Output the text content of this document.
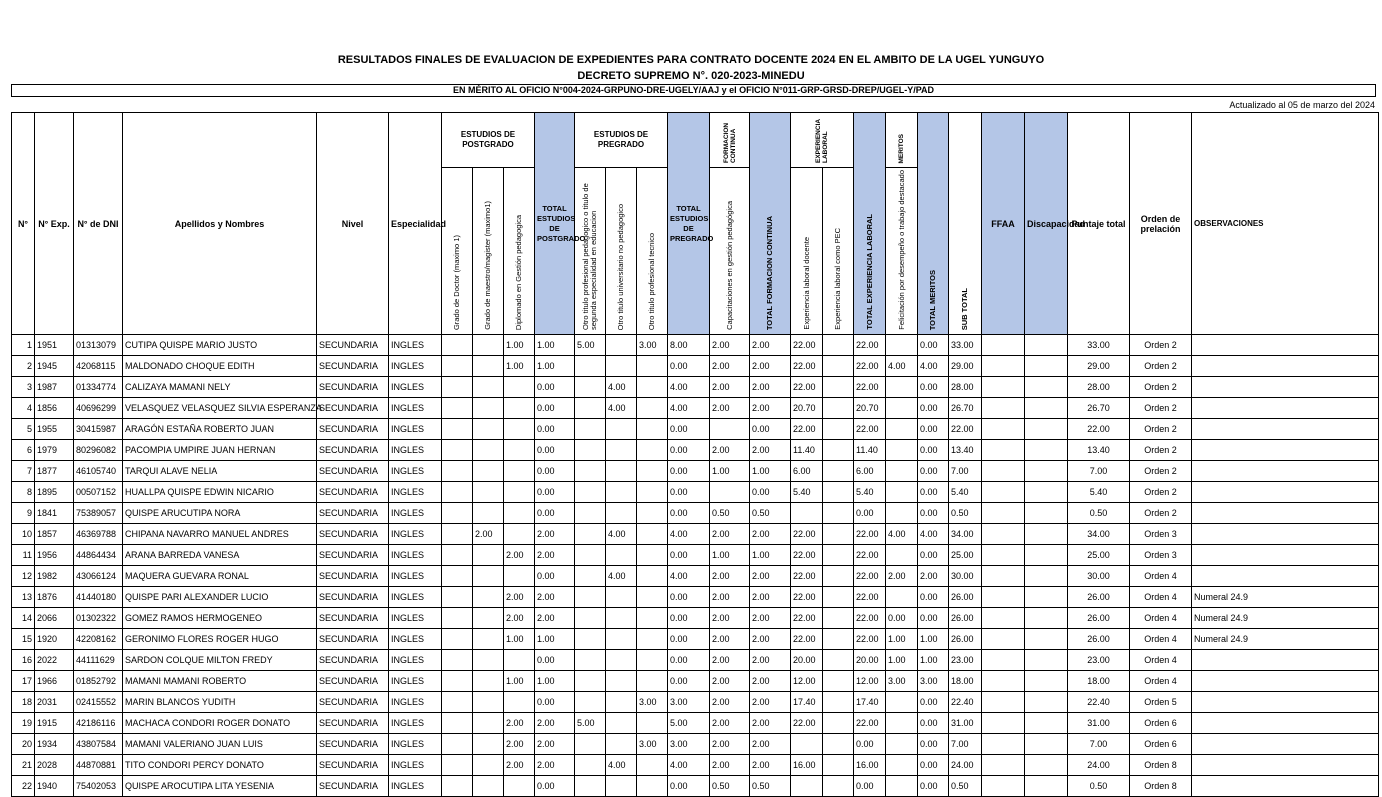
RESULTADOS FINALES DE EVALUACION DE EXPEDIENTES PARA CONTRATO DOCENTE 2024 EN EL AMBITO DE LA UGEL YUNGUYO
DECRETO SUPREMO N°. 020-2023-MINEDU
EN MÉRITO AL OFICIO N°004-2024-GRPUNO-DRE-UGELY/AAJ y el OFICIO N°011-GRP-GRSD-DREP/UGEL-Y/PAD
Actualizado al 05 de marzo del 2024
N°	N° Exp.	N° de DNI	Apellidos y Nombres	Nivel	Especialidad	ESTUDIOS DE POSTGRADO			TOTAL ESTUDIOS DE POSTGRADO	ESTUDIOS DE PREGRADO			TOTAL ESTUDIOS DE PREGRADO	FORMACION CONTINUA	TOTAL FORMACION CONTINUA	EXPERIENCIA LABORAL		TOTAL EXPERIENCIA LABORAL	MERITOS	TOTAL MERITOS	SUB TOTAL	FFAA	Discapacidad	Puntaje total	Orden de prelación	OBSERVACIONES
						Grado de Doctor (maximo 1)	Grado de maestro/magister (maximo1)	Diplomado en Gestión pedagogica		Otro titulo profesional pedagogico o titulo de segunda especialidad en educacion	Otro titulo universitario no pedagogico	Otro titulo profesional tecnico		Capacitaciones en gestión pedagógica		Experiencia laboral docente	Experiencia laboral como PEC		Felicitación por desempeño o trabajo destacado							
1	1951	01313079	CUTIPA QUISPE MARIO JUSTO	SECUNDARIA	INGLES			1.00	1.00	5.00		3.00	8.00	2.00	2.00	22.00		22.00		0.00	33.00			33.00	Orden 2	
2	1945	42068115	MALDONADO CHOQUE EDITH	SECUNDARIA	INGLES			1.00	1.00				0.00	2.00	2.00	22.00		22.00	4.00	4.00	29.00			29.00	Orden 2	
3	1987	01334774	CALIZAYA MAMANI NELY	SECUNDARIA	INGLES				0.00		4.00		4.00	2.00	2.00	22.00		22.00		0.00	28.00			28.00	Orden 2	
4	1856	40696299	VELASQUEZ VELASQUEZ SILVIA ESPERANZA	SECUNDARIA	INGLES				0.00		4.00		4.00	2.00	2.00	20.70		20.70		0.00	26.70			26.70	Orden 2	
5	1955	30415987	ARAGÓN ESTAÑA ROBERTO JUAN	SECUNDARIA	INGLES				0.00				0.00		0.00	22.00		22.00		0.00	22.00			22.00	Orden 2	
6	1979	80296082	PACOMPIA UMPIRE JUAN HERNAN	SECUNDARIA	INGLES				0.00				0.00	2.00	2.00	11.40		11.40		0.00	13.40			13.40	Orden 2	
7	1877	46105740	TARQUI ALAVE NELIA	SECUNDARIA	INGLES				0.00				0.00	1.00	1.00	6.00		6.00		0.00	7.00			7.00	Orden 2	
8	1895	00507152	HUALLPA QUISPE EDWIN NICARIO	SECUNDARIA	INGLES				0.00				0.00		0.00	5.40		5.40		0.00	5.40			5.40	Orden 2	
9	1841	75389057	QUISPE ARUCUTIPA NORA	SECUNDARIA	INGLES				0.00				0.00	0.50	0.50			0.00		0.00	0.50			0.50	Orden 2	
10	1857	46369788	CHIPANA NAVARRO MANUEL ANDRES	SECUNDARIA	INGLES		2.00		2.00		4.00		4.00	2.00	2.00	22.00		22.00	4.00	4.00	34.00			34.00	Orden 3	
11	1956	44864434	ARANA BARREDA VANESA	SECUNDARIA	INGLES			2.00	2.00				0.00	1.00	1.00	22.00		22.00		0.00	25.00			25.00	Orden 3	
12	1982	43066124	MAQUERA GUEVARA RONAL	SECUNDARIA	INGLES				0.00		4.00		4.00	2.00	2.00	22.00		22.00	2.00	2.00	30.00			30.00	Orden 4	
13	1876	41440180	QUISPE PARI ALEXANDER LUCIO	SECUNDARIA	INGLES			2.00	2.00				0.00	2.00	2.00	22.00		22.00		0.00	26.00			26.00	Orden 4	Numeral 24.9
14	2066	01302322	GOMEZ RAMOS HERMOGENEO	SECUNDARIA	INGLES			2.00	2.00				0.00	2.00	2.00	22.00		22.00	0.00	0.00	26.00			26.00	Orden 4	Numeral 24.9
15	1920	42208162	GERONIMO FLORES ROGER HUGO	SECUNDARIA	INGLES			1.00	1.00				0.00	2.00	2.00	22.00		22.00	1.00	1.00	26.00			26.00	Orden 4	Numeral 24.9
16	2022	44111629	SARDON COLQUE MILTON FREDY	SECUNDARIA	INGLES				0.00				0.00	2.00	2.00	20.00		20.00	1.00	1.00	23.00			23.00	Orden 4	
17	1966	01852792	MAMANI MAMANI ROBERTO	SECUNDARIA	INGLES			1.00	1.00				0.00	2.00	2.00	12.00		12.00	3.00	3.00	18.00			18.00	Orden 4	
18	2031	02415552	MARIN BLANCOS YUDITH	SECUNDARIA	INGLES				0.00			3.00	3.00	2.00	2.00	17.40		17.40		0.00	22.40			22.40	Orden 5	
19	1915	42186116	MACHACA CONDORI ROGER DONATO	SECUNDARIA	INGLES			2.00	2.00	5.00			5.00	2.00	2.00	22.00		22.00		0.00	31.00			31.00	Orden 6	
20	1934	43807584	MAMANI VALERIANO JUAN LUIS	SECUNDARIA	INGLES			2.00	2.00			3.00	3.00	2.00	2.00			0.00		0.00	7.00			7.00	Orden 6	
21	2028	44870881	TITO CONDORI PERCY DONATO	SECUNDARIA	INGLES			2.00	2.00		4.00		4.00	2.00	2.00	16.00		16.00		0.00	24.00			24.00	Orden 8	
22	1940	75402053	QUISPE AROCUTIPA LITA YESENIA	SECUNDARIA	INGLES				0.00				0.00	0.50	0.50			0.00		0.00	0.50			0.50	Orden 8	
